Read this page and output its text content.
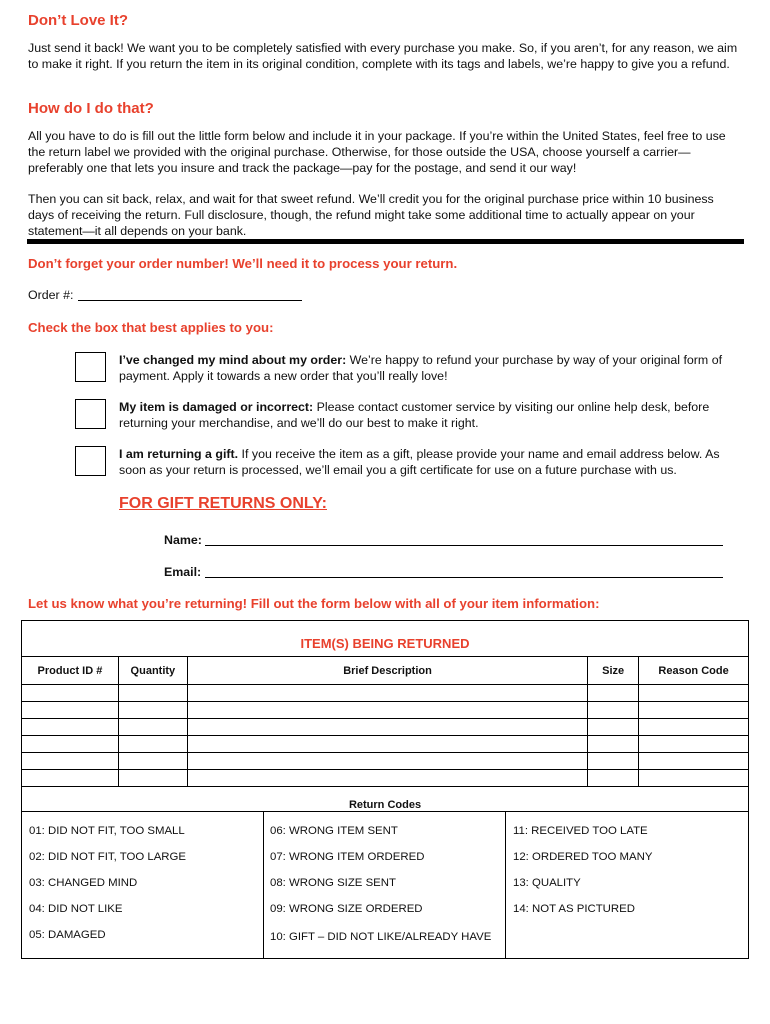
Don’t Love It?
Just send it back! We want you to be completely satisfied with every purchase you make. So, if you aren’t, for any reason, we aim to make it right. If you return the item in its original condition, complete with its tags and labels, we’re happy to give you a refund.
How do I do that?
All you have to do is fill out the little form below and include it in your package. If you’re within the United States, feel free to use the return label we provided with the original purchase. Otherwise, for those outside the USA, choose yourself a carrier—preferably one that lets you insure and track the package—pay for the postage, and send it our way!
Then you can sit back, relax, and wait for that sweet refund. We’ll credit you for the original purchase price within 10 business days of receiving the return. Full disclosure, though, the refund might take some additional time to actually appear on your statement—it all depends on your bank.
Don’t forget your order number! We’ll need it to process your return.
Order #:
Check the box that best applies to you:
I’ve changed my mind about my order: We’re happy to refund your purchase by way of your original form of payment. Apply it towards a new order that you’ll really love!
My item is damaged or incorrect: Please contact customer service by visiting our online help desk, before returning your merchandise, and we’ll do our best to make it right.
I am returning a gift. If you receive the item as a gift, please provide your name and email address below. As soon as your return is processed, we’ll email you a gift certificate for use on a future purchase with us.
FOR GIFT RETURNS ONLY:
Name:
Email:
Let us know what you’re returning! Fill out the form below with all of your item information:
ITEM(S) BEING RETURNED
Product ID #	Quantity	Brief Description	Size	Reason Code

Return Codes
01: DID NOT FIT, TOO SMALL
02: DID NOT FIT, TOO LARGE
03: CHANGED MIND
04: DID NOT LIKE
05: DAMAGED
06: WRONG ITEM SENT
07: WRONG ITEM ORDERED
08: WRONG SIZE SENT
09: WRONG SIZE ORDERED
10: GIFT – DID NOT LIKE/ALREADY HAVE
11: RECEIVED TOO LATE
12: ORDERED TOO MANY
13: QUALITY
14: NOT AS PICTURED
